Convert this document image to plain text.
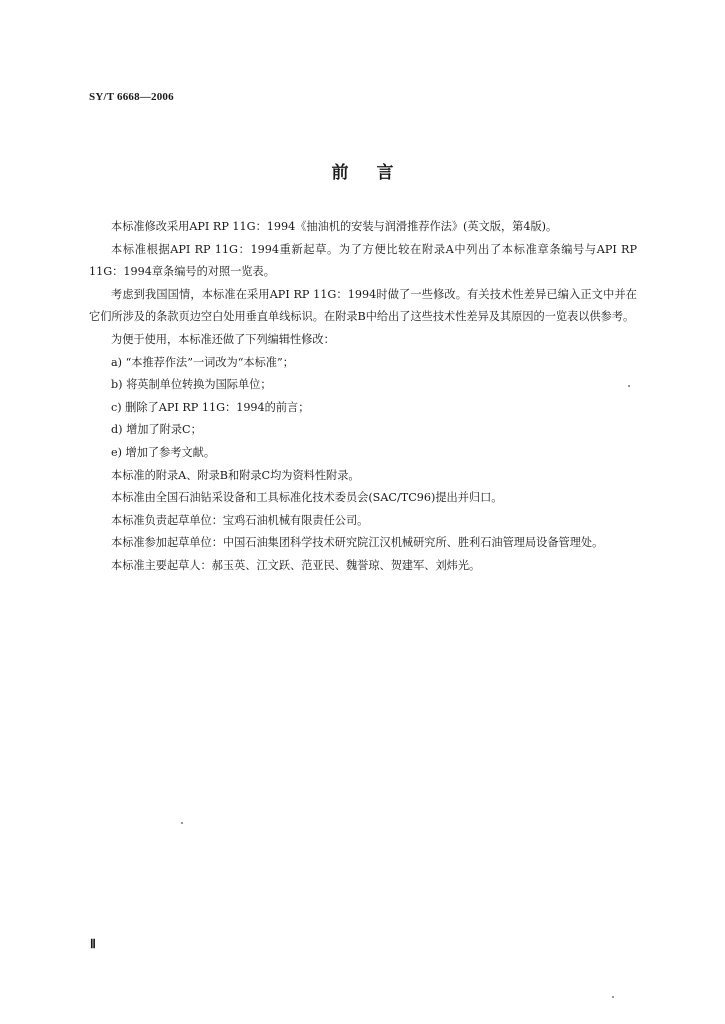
SY/T 6668—2006
前言

本标准修改采用API RP 11G：1994《抽油机的安装与润滑推荐作法》(英文版，第4版)。

本标准根据API RP 11G：1994重新起草。为了方便比较在附录A中列出了本标准章条编号与API RP 11G：1994章条编号的对照一览表。

考虑到我国国情，本标准在采用API RP 11G：1994时做了一些修改。有关技术性差异已编入正文中并在它们所涉及的条款页边空白处用垂直单线标识。在附录B中给出了这些技术性差异及其原因的一览表以供参考。

为便于使用，本标准还做了下列编辑性修改：

a) “本推荐作法”一词改为“本标准”；

b) 将英制单位转换为国际单位；

c) 删除了API RP 11G：1994的前言；

d) 增加了附录C；

e) 增加了参考文献。

本标准的附录A、附录B和附录C均为资料性附录。

本标准由全国石油钻采设备和工具标准化技术委员会(SAC/TC96)提出并归口。

本标准负责起草单位：宝鸡石油机械有限责任公司。

本标准参加起草单位：中国石油集团科学技术研究院江汉机械研究所、胜利石油管理局设备管理处。

本标准主要起草人：郝玉英、江文跃、范亚民、魏誉琼、贺建军、刘炜光。

Ⅱ
